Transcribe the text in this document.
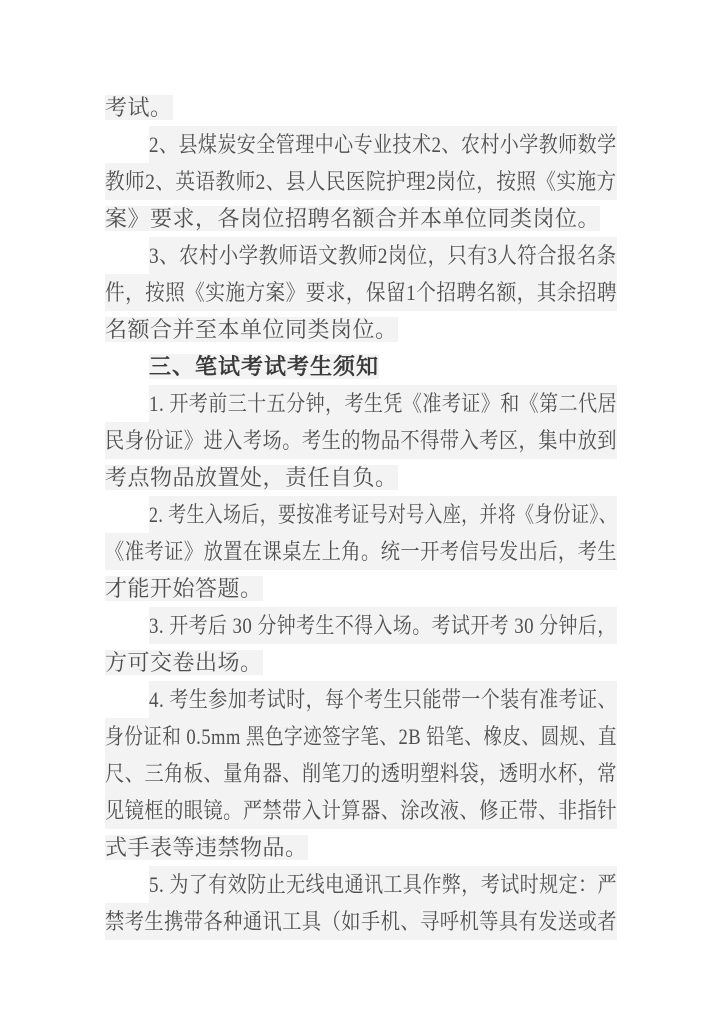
考试。
2、县煤炭安全管理中心专业技术2、农村小学教师数学
教师2、英语教师2、县人民医院护理2岗位，按照《实施方
案》要求，各岗位招聘名额合并本单位同类岗位。
3、农村小学教师语文教师2岗位，只有3人符合报名条
件，按照《实施方案》要求，保留1个招聘名额，其余招聘
名额合并至本单位同类岗位。
三、笔试考试考生须知
1. 开考前三十五分钟，考生凭《准考证》和《第二代居
民身份证》进入考场。考生的物品不得带入考区，集中放到
考点物品放置处，责任自负。
2. 考生入场后，要按准考证号对号入座，并将《身份证》、
《准考证》放置在课桌左上角。统一开考信号发出后，考生
才能开始答题。
3. 开考后 30 分钟考生不得入场。考试开考 30 分钟后，
方可交卷出场。
4. 考生参加考试时，每个考生只能带一个装有准考证、
身份证和 0.5mm 黑色字迹签字笔、2B 铅笔、橡皮、圆规、直
尺、三角板、量角器、削笔刀的透明塑料袋，透明水杯，常
见镜框的眼镜。严禁带入计算器、涂改液、修正带、非指针
式手表等违禁物品。
5. 为了有效防止无线电通讯工具作弊，考试时规定：严
禁考生携带各种通讯工具（如手机、寻呼机等具有发送或者
